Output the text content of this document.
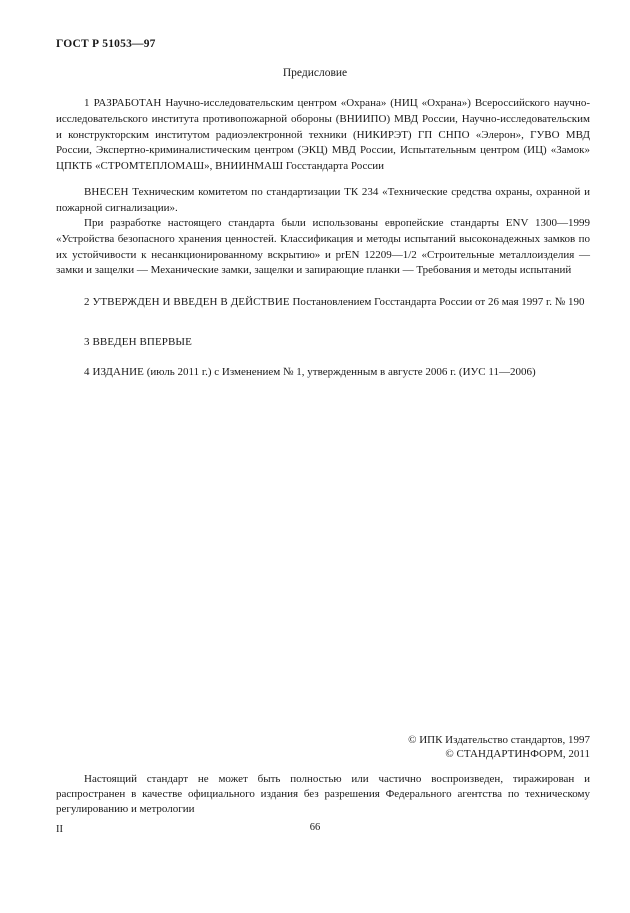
ГОСТ Р 51053—97
Предисловие

1 РАЗРАБОТАН Научно-исследовательским центром «Охрана» (НИЦ «Охрана») Всероссийского научно-исследовательского института противопожарной обороны (ВНИИПО) МВД России, Научно-исследовательским и конструкторским институтом радиоэлектронной техники (НИКИРЭТ) ГП СНПО «Элерон», ГУВО МВД России, Экспертно-криминалистическим центром (ЭКЦ) МВД России, Испытательным центром (ИЦ) «Замок» ЦПКТБ «СТРОМТЕПЛОМАШ», ВНИИНМАШ Госстандарта России

ВНЕСЕН Техническим комитетом по стандартизации ТК 234 «Технические средства охраны, охранной и пожарной сигнализации».

При разработке настоящего стандарта были использованы европейские стандарты ENV 1300—1999 «Устройства безопасного хранения ценностей. Классификация и методы испытаний высоконадежных замков по их устойчивости к несанкционированному вскрытию» и prEN 12209—1/2 «Строительные металлоизделия — замки и защелки — Механические замки, защелки и запирающие планки — Требования и методы испытаний

2 УТВЕРЖДЕН И ВВЕДЕН В ДЕЙСТВИЕ Постановлением Госстандарта России от 26 мая 1997 г. № 190

3 ВВЕДЕН ВПЕРВЫЕ

4 ИЗДАНИЕ (июль 2011 г.) с Изменением № 1, утвержденным в августе 2006 г. (ИУС 11—2006)

© ИПК Издательство стандартов, 1997
© СТАНДАРТИНФОРМ, 2011

Настоящий стандарт не может быть полностью или частично воспроизведен, тиражирован и распространен в качестве официального издания без разрешения Федерального агентства по техническому регулированию и метрологии

II	66
